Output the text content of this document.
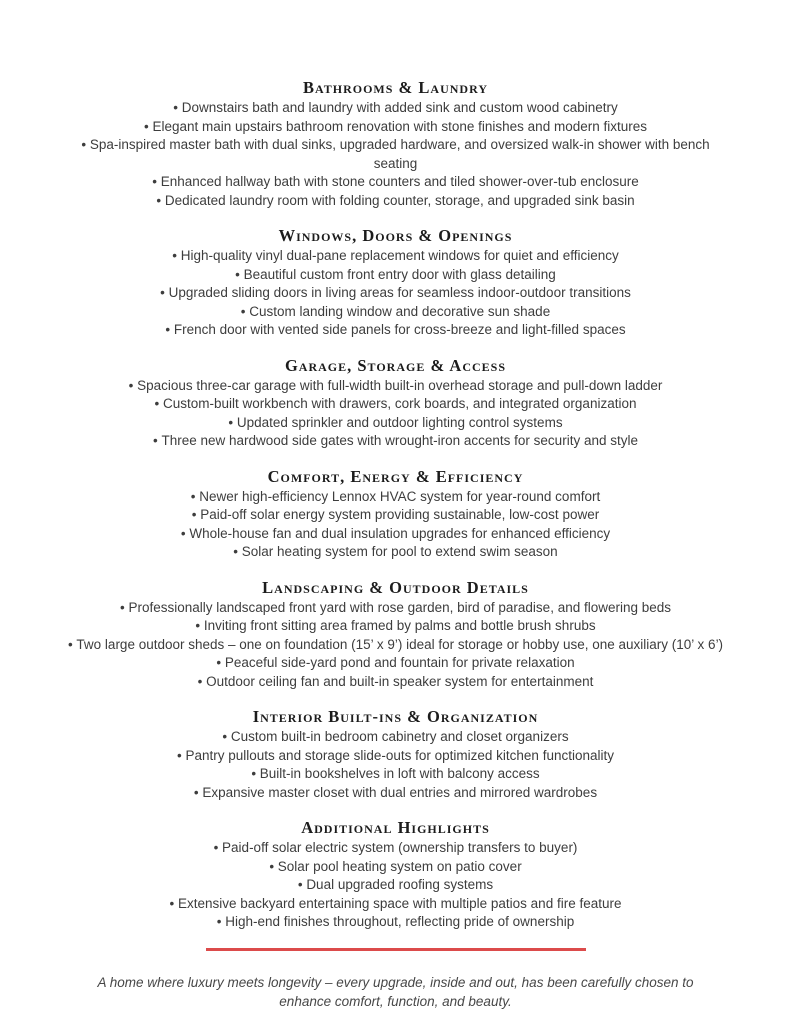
Bathrooms & Laundry

• Downstairs bath and laundry with added sink and custom wood cabinetry

• Elegant main upstairs bathroom renovation with stone finishes and modern fixtures

• Spa-inspired master bath with dual sinks, upgraded hardware, and oversized walk-in shower with bench seating

• Enhanced hallway bath with stone counters and tiled shower-over-tub enclosure

• Dedicated laundry room with folding counter, storage, and upgraded sink basin

Windows, Doors & Openings

• High-quality vinyl dual-pane replacement windows for quiet and efficiency

• Beautiful custom front entry door with glass detailing

• Upgraded sliding doors in living areas for seamless indoor-outdoor transitions

• Custom landing window and decorative sun shade

• French door with vented side panels for cross-breeze and light-filled spaces

Garage, Storage & Access

• Spacious three-car garage with full-width built-in overhead storage and pull-down ladder

• Custom-built workbench with drawers, cork boards, and integrated organization

• Updated sprinkler and outdoor lighting control systems

• Three new hardwood side gates with wrought-iron accents for security and style

Comfort, Energy & Efficiency

• Newer high-efficiency Lennox HVAC system for year-round comfort

• Paid-off solar energy system providing sustainable, low-cost power

• Whole-house fan and dual insulation upgrades for enhanced efficiency

• Solar heating system for pool to extend swim season

Landscaping & Outdoor Details

• Professionally landscaped front yard with rose garden, bird of paradise, and flowering beds

• Inviting front sitting area framed by palms and bottle brush shrubs

• Two large outdoor sheds – one on foundation (15’ x 9’) ideal for storage or hobby use, one auxiliary (10’ x 6’)

• Peaceful side-yard pond and fountain for private relaxation

• Outdoor ceiling fan and built-in speaker system for entertainment

Interior Built-ins & Organization

• Custom built-in bedroom cabinetry and closet organizers

• Pantry pullouts and storage slide-outs for optimized kitchen functionality

• Built-in bookshelves in loft with balcony access

• Expansive master closet with dual entries and mirrored wardrobes

Additional Highlights

• Paid-off solar electric system (ownership transfers to buyer)

• Solar pool heating system on patio cover

• Dual upgraded roofing systems

• Extensive backyard entertaining space with multiple patios and fire feature

• High-end finishes throughout, reflecting pride of ownership

A home where luxury meets longevity – every upgrade, inside and out, has been carefully chosen to enhance comfort, function, and beauty.
